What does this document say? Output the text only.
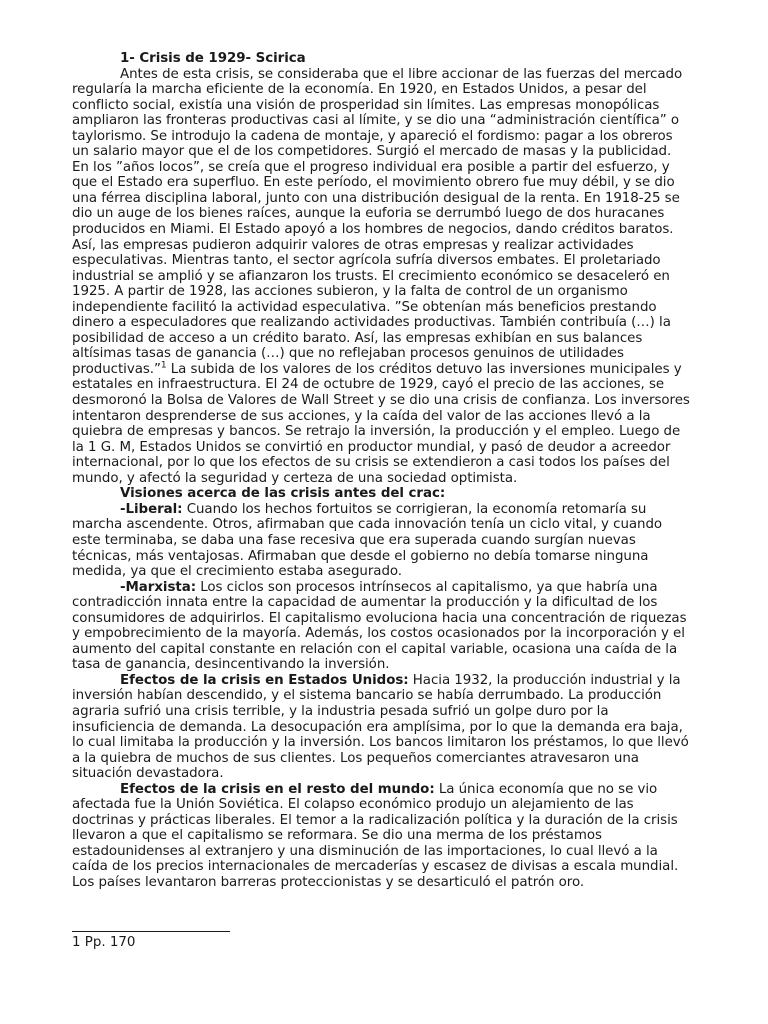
1- Crisis de 1929- Scirica

Antes de esta crisis, se consideraba que el libre accionar de las fuerzas del mercado regularía la marcha eficiente de la economía. En 1920, en Estados Unidos, a pesar del conflicto social, existía una visión de prosperidad sin límites. Las empresas monopólicas ampliaron las fronteras productivas casi al límite, y se dio una “administración científica” o taylorismo. Se introdujo la cadena de montaje, y apareció el fordismo: pagar a los obreros un salario mayor que el de los competidores. Surgió el mercado de masas y la publicidad. En los ”años locos”, se creía que el progreso individual era posible a partir del esfuerzo, y que el Estado era superfluo. En este período, el movimiento obrero fue muy débil, y se dio una férrea disciplina laboral, junto con una distribución desigual de la renta. En 1918-25 se dio un auge de los bienes raíces, aunque la euforia se derrumbó luego de dos huracanes producidos en Miami. El Estado apoyó a los hombres de negocios, dando créditos baratos. Así, las empresas pudieron adquirir valores de otras empresas y realizar actividades especulativas. Mientras tanto, el sector agrícola sufría diversos embates. El proletariado industrial se amplió y se afianzaron los trusts. El crecimiento económico se desaceleró en 1925. A partir de 1928, las acciones subieron, y la falta de control de un organismo independiente facilitó la actividad especulativa. ”Se obtenían más beneficios prestando dinero a especuladores que realizando actividades productivas. También contribuía (…) la posibilidad de acceso a un crédito barato. Así, las empresas exhibían en sus balances altísimas tasas de ganancia (…) que no reflejaban procesos genuinos de utilidades productivas.”$^1$ La subida de los valores de los créditos detuvo las inversiones municipales y estatales en infraestructura. El 24 de octubre de 1929, cayó el precio de las acciones, se desmoronó la Bolsa de Valores de Wall Street y se dio una crisis de confianza. Los inversores intentaron desprenderse de sus acciones, y la caída del valor de las acciones llevó a la quiebra de empresas y bancos. Se retrajo la inversión, la producción y el empleo. Luego de la 1 G. M, Estados Unidos se convirtió en productor mundial, y pasó de deudor a acreedor internacional, por lo que los efectos de su crisis se extendieron a casi todos los países del mundo, y afectó la seguridad y certeza de una sociedad optimista.

Visiones acerca de las crisis antes del crac:

-Liberal: Cuando los hechos fortuitos se corrigieran, la economía retomaría su marcha ascendente. Otros, afirmaban que cada innovación tenía un ciclo vital, y cuando este terminaba, se daba una fase recesiva que era superada cuando surgían nuevas técnicas, más ventajosas. Afirmaban que desde el gobierno no debía tomarse ninguna medida, ya que el crecimiento estaba asegurado.

-Marxista: Los ciclos son procesos intrínsecos al capitalismo, ya que habría una contradicción innata entre la capacidad de aumentar la producción y la dificultad de los consumidores de adquirirlos. El capitalismo evoluciona hacia una concentración de riquezas y empobrecimiento de la mayoría. Además, los costos ocasionados por la incorporación y el aumento del capital constante en relación con el capital variable, ocasiona una caída de la tasa de ganancia, desincentivando la inversión.

Efectos de la crisis en Estados Unidos: Hacia 1932, la producción industrial y la inversión habían descendido, y el sistema bancario se había derrumbado. La producción agraria sufrió una crisis terrible, y la industria pesada sufrió un golpe duro por la insuficiencia de demanda. La desocupación era amplísima, por lo que la demanda era baja, lo cual limitaba la producción y la inversión. Los bancos limitaron los préstamos, lo que llevó a la quiebra de muchos de sus clientes. Los pequeños comerciantes atravesaron una situación devastadora.

Efectos de la crisis en el resto del mundo: La única economía que no se vio afectada fue la Unión Soviética. El colapso económico produjo un alejamiento de las doctrinas y prácticas liberales. El temor a la radicalización política y la duración de la crisis llevaron a que el capitalismo se reformara. Se dio una merma de los préstamos estadounidenses al extranjero y una disminución de las importaciones, lo cual llevó a la caída de los precios internacionales de mercaderías y escasez de divisas a escala mundial. Los países levantaron barreras proteccionistas y se desarticuló el patrón oro.

1 Pp. 170
